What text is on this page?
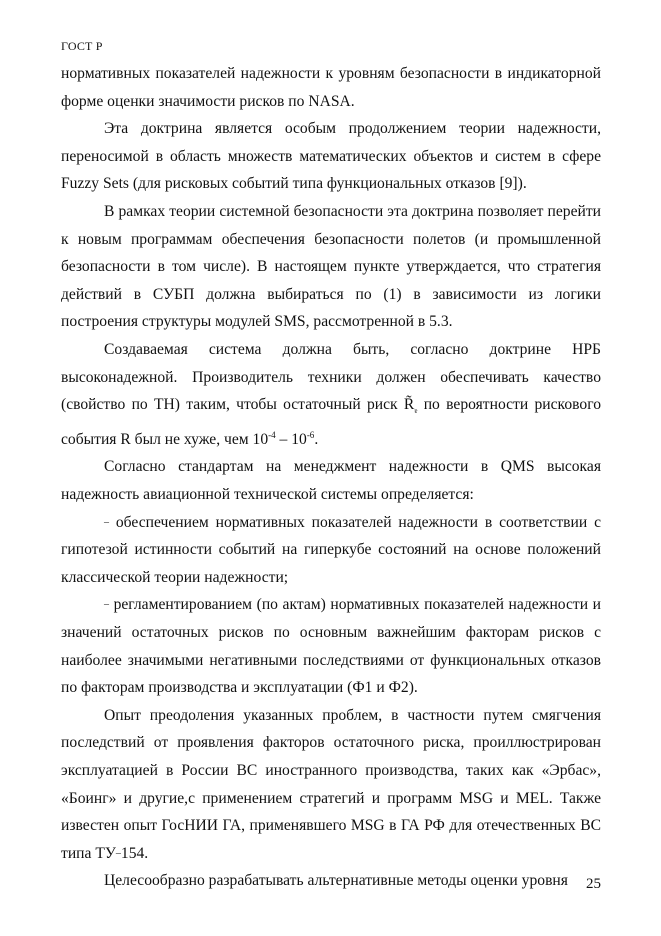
ГОСТ Р

нормативных показателей надежности к уровням безопасности в индикаторной форме оценки значимости рисков по NASA.

Эта доктрина является особым продолжением теории надежности, переносимой в область множеств математических объектов и систем в сфере Fuzzy Sets (для рисковых событий типа функциональных отказов [9]).

В рамках теории системной безопасности эта доктрина позволяет перейти к новым программам обеспечения безопасности полетов (и промышленной безопасности в том числе). В настоящем пункте утверждается, что стратегия действий в СУБП должна выбираться по (1) в зависимости из логики построения структуры модулей SMS, рассмотренной в 5.3.

Создаваемая система должна быть, согласно доктрине НРБ высоконадежной. Производитель техники должен обеспечивать качество (свойство по ТН) таким, чтобы остаточный риск $R̃_ɐ$ по вероятности рискового события R был не хуже, чем $10^{-4} - 10^{-6}$.

Согласно стандартам на менеджмент надежности в QMS высокая надежность авиационной технической системы определяется:

– обеспечением нормативных показателей надежности в соответствии с гипотезой истинности событий на гиперкубе состояний на основе положений классической теории надежности;

– регламентированием (по актам) нормативных показателей надежности и значений остаточных рисков по основным важнейшим факторам рисков с наиболее значимыми негативными последствиями от функциональных отказов по факторам производства и эксплуатации (Ф1 и Ф2).

Опыт преодоления указанных проблем, в частности путем смягчения последствий от проявления факторов остаточного риска, проиллюстрирован эксплуатацией в России ВС иностранного производства, таких как «Эрбас», «Боинг» и другие,с применением стратегий и программ MSG и MEL. Также известен опыт ГосНИИ ГА, применявшего MSG в ГА РФ для отечественных ВС типа ТУ–154.

Целесообразно разрабатывать альтернативные методы оценки уровня	25
